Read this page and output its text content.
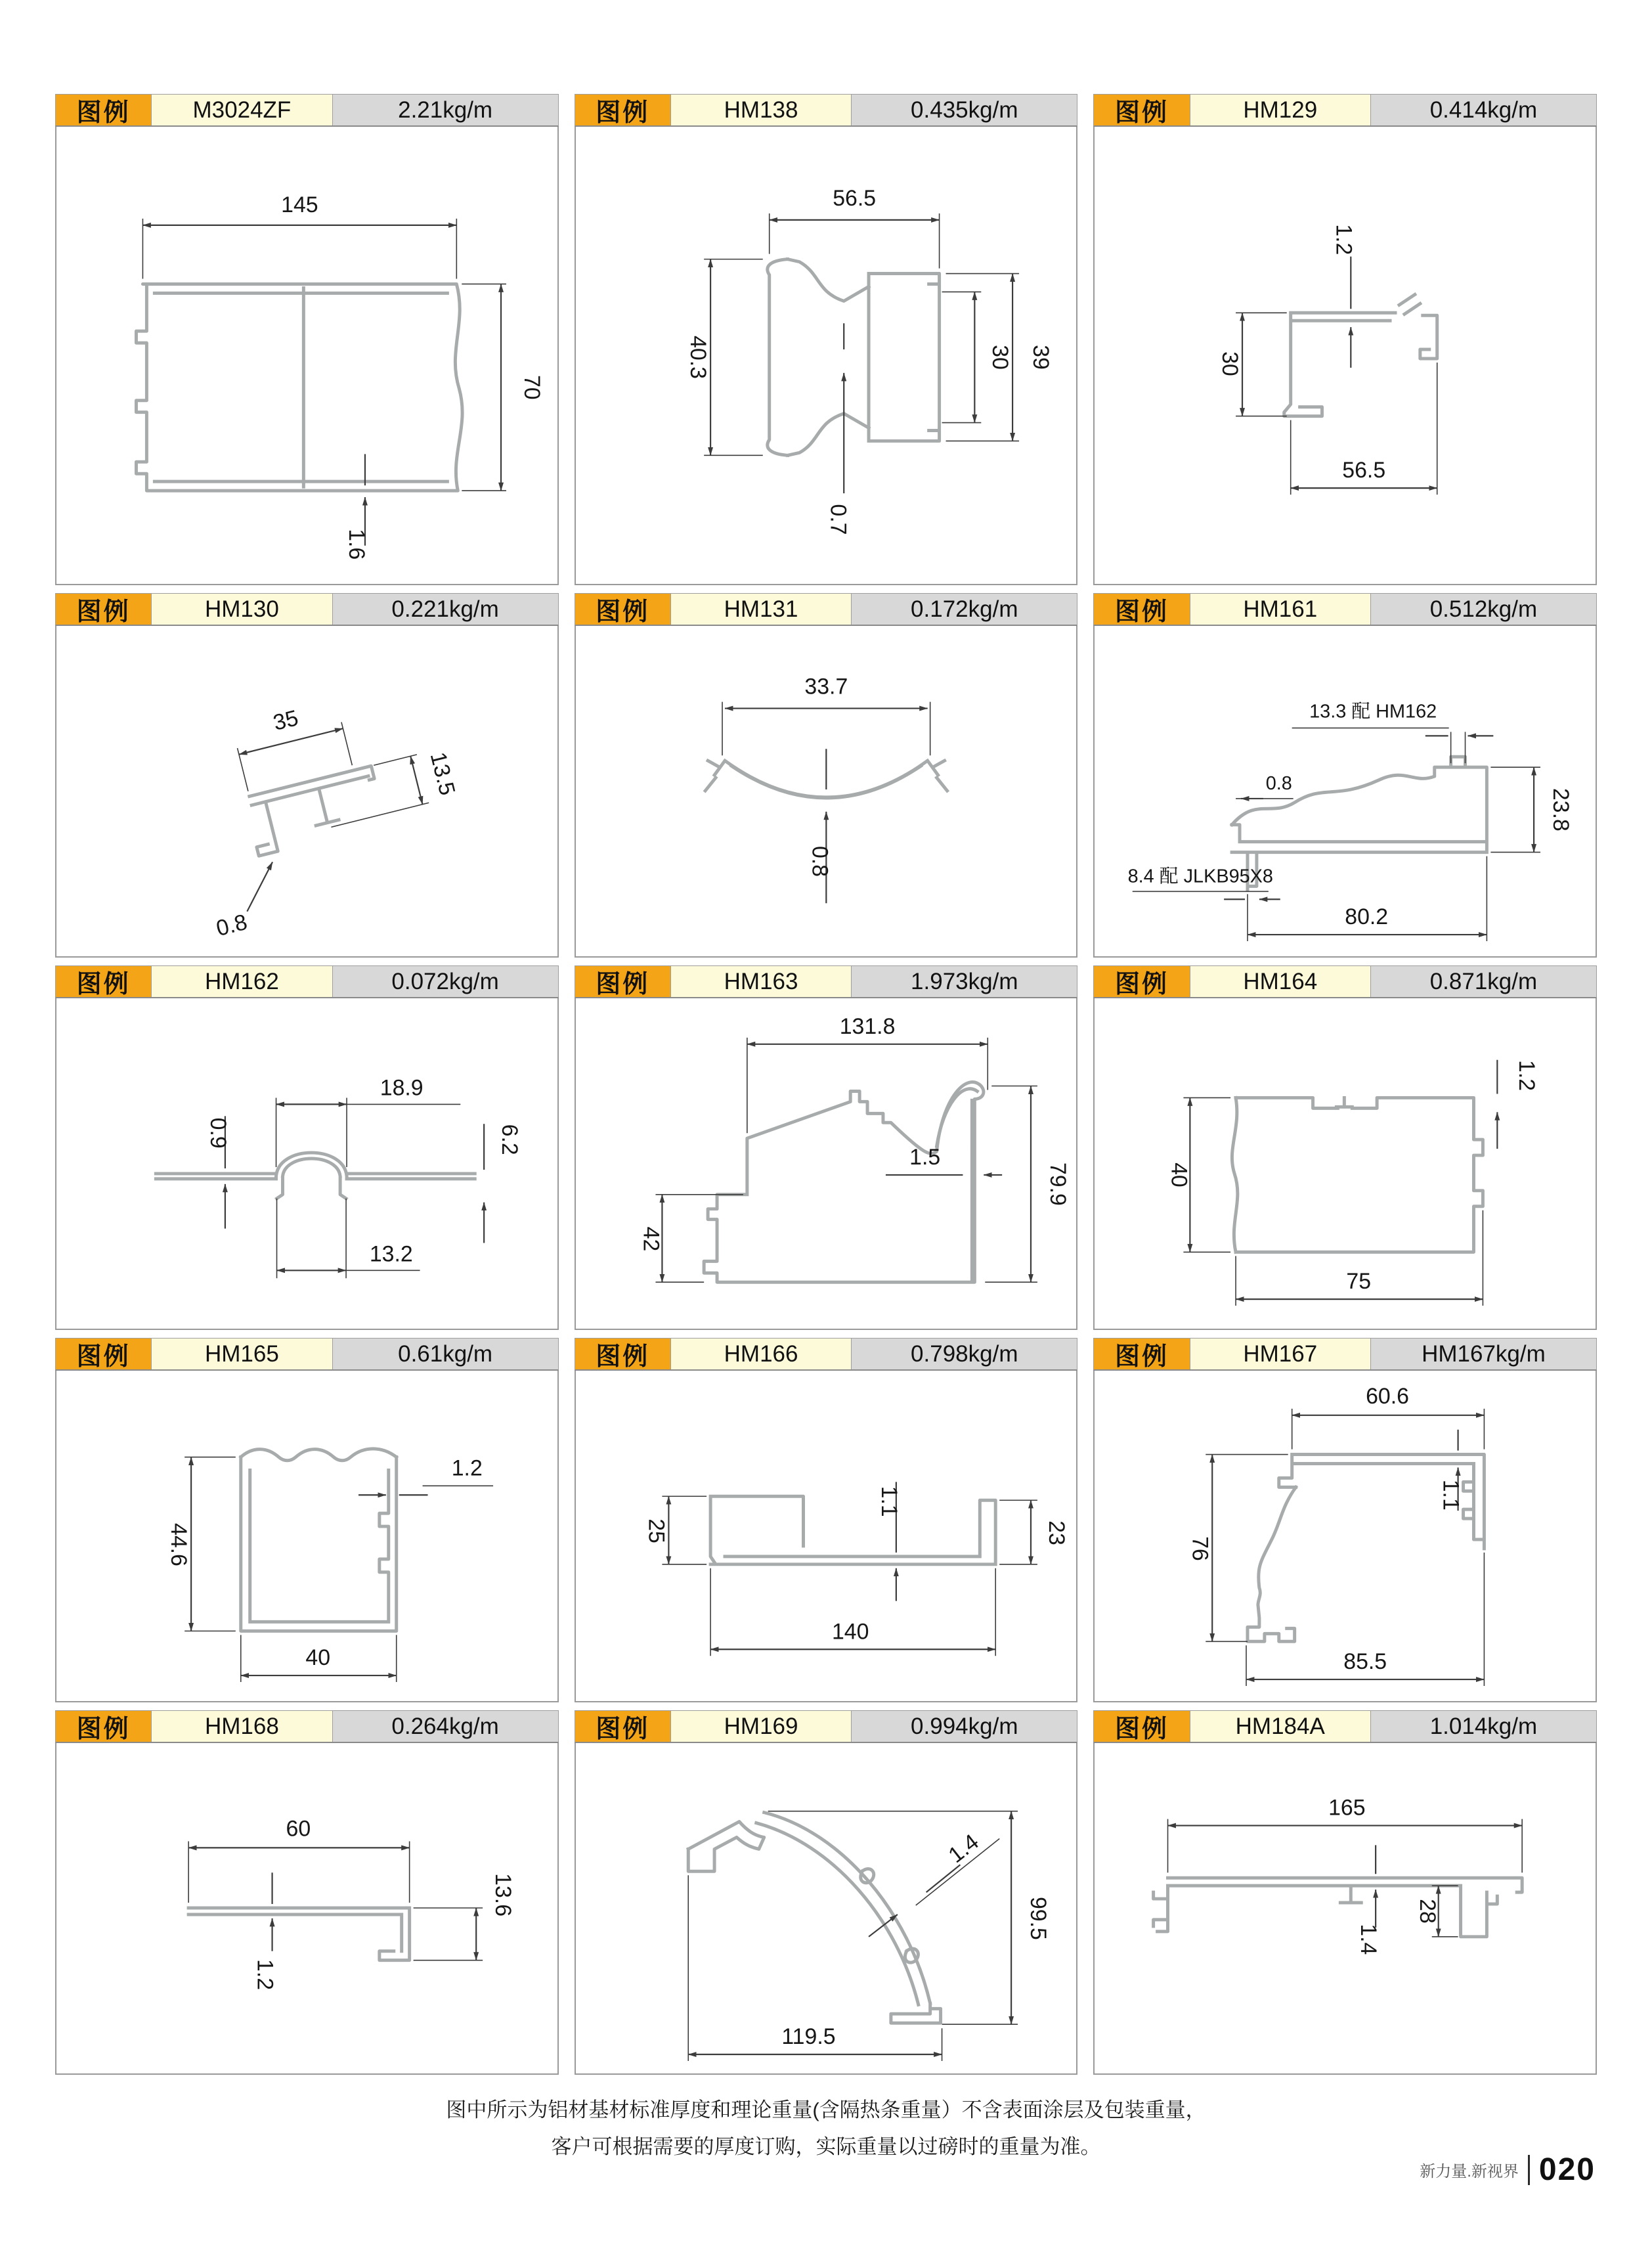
图例	M3024ZF	2.21kg/m
145
70
1.6
图例	HM138	0.435kg/m
56.5
40.3	30 39
0.7
图例	HM129	0.414kg/m
1.2
30
56.5
图例	HM130	0.221kg/m
35
0.8
13.5
图例	HM131	0.172kg/m
33.7
0.8
图例	HM161	0.512kg/m
13.3 配 HM162
0.8
8.4 配 JLKB95X8
80.2
23.8
图例	HM162	0.072kg/m
18.9
0.9	6.2
13.2
图例	HM163	1.973kg/m
131.8
1.5
42
79.9
图例	HM164	0.871kg/m
1.2
40
75
图例	HM165	0.61kg/m
44.6
1.2
40
图例	HM166	0.798kg/m
25
1.1
23
140
图例	HM167	HM167kg/m
60.6
1.1
76
85.5
图例	HM168	0.264kg/m
60
13.6
1.2
图例	HM169	0.994kg/m
1.4
99.5
119.5
图例	HM184A	1.014kg/m
165
1.4
28
图中所示为铝材基材标准厚度和理论重量(含隔热条重量）不含表面涂层及包装重量，
客户可根据需要的厚度订购，实际重量以过磅时的重量为准。
新力量.新视界 020
